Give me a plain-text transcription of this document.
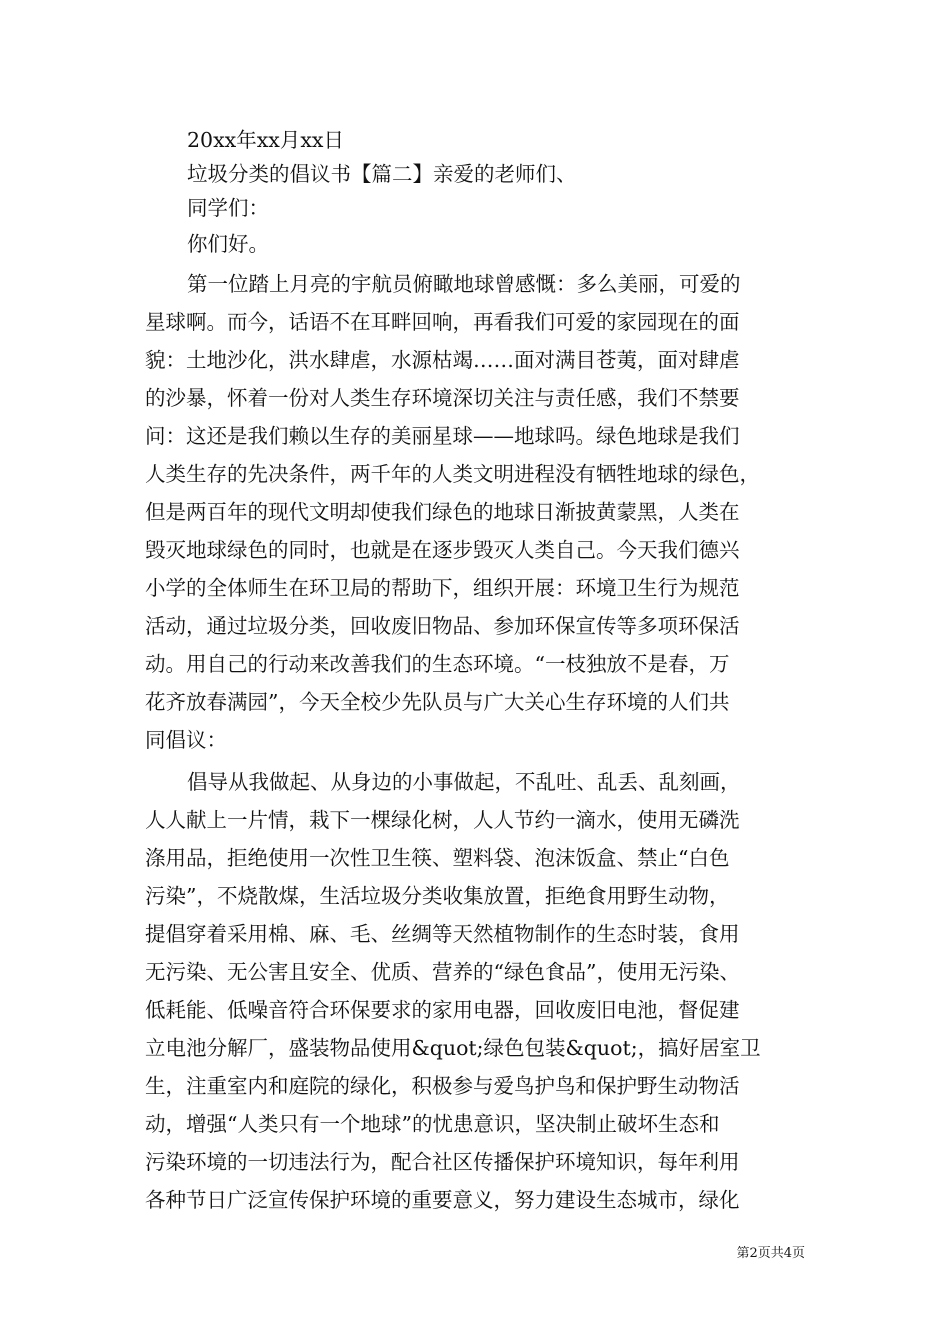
20xx年xx月xx日
垃圾分类的倡议书【篇二】亲爱的老师们、
同学们：
你们好。
第一位踏上月亮的宇航员俯瞰地球曾感慨：多么美丽，可爱的
星球啊。而今，话语不在耳畔回响，再看我们可爱的家园现在的面
貌：土地沙化，洪水肆虐，水源枯竭……面对满目苍荑，面对肆虐
的沙暴，怀着一份对人类生存环境深切关注与责任感，我们不禁要
问：这还是我们赖以生存的美丽星球——地球吗。绿色地球是我们
人类生存的先决条件，两千年的人类文明进程没有牺牲地球的绿色，
但是两百年的现代文明却使我们绿色的地球日渐披黄蒙黑，人类在
毁灭地球绿色的同时，也就是在逐步毁灭人类自己。今天我们德兴
小学的全体师生在环卫局的帮助下，组织开展：环境卫生行为规范
活动，通过垃圾分类，回收废旧物品、参加环保宣传等多项环保活
动。用自己的行动来改善我们的生态环境。“一枝独放不是春，万
花齐放春满园”，今天全校少先队员与广大关心生存环境的人们共
同倡议：
倡导从我做起、从身边的小事做起，不乱吐、乱丢、乱刻画，
人人献上一片情，栽下一棵绿化树，人人节约一滴水，使用无磷洗
涤用品，拒绝使用一次性卫生筷、塑料袋、泡沫饭盒、禁止“白色
污染”，不烧散煤，生活垃圾分类收集放置，拒绝食用野生动物，
提倡穿着采用棉、麻、毛、丝绸等天然植物制作的生态时装，食用
无污染、无公害且安全、优质、营养的“绿色食品”，使用无污染、
低耗能、低噪音符合环保要求的家用电器，回收废旧电池，督促建
立电池分解厂，盛装物品使用&quot;绿色包装&quot;，搞好居室卫
生，注重室内和庭院的绿化，积极参与爱鸟护鸟和保护野生动物活
动，增强“人类只有一个地球”的忧患意识，坚决制止破坏生态和
污染环境的一切违法行为，配合社区传播保护环境知识，每年利用
各种节日广泛宣传保护环境的重要意义，努力建设生态城市，绿化
第2页共4页
